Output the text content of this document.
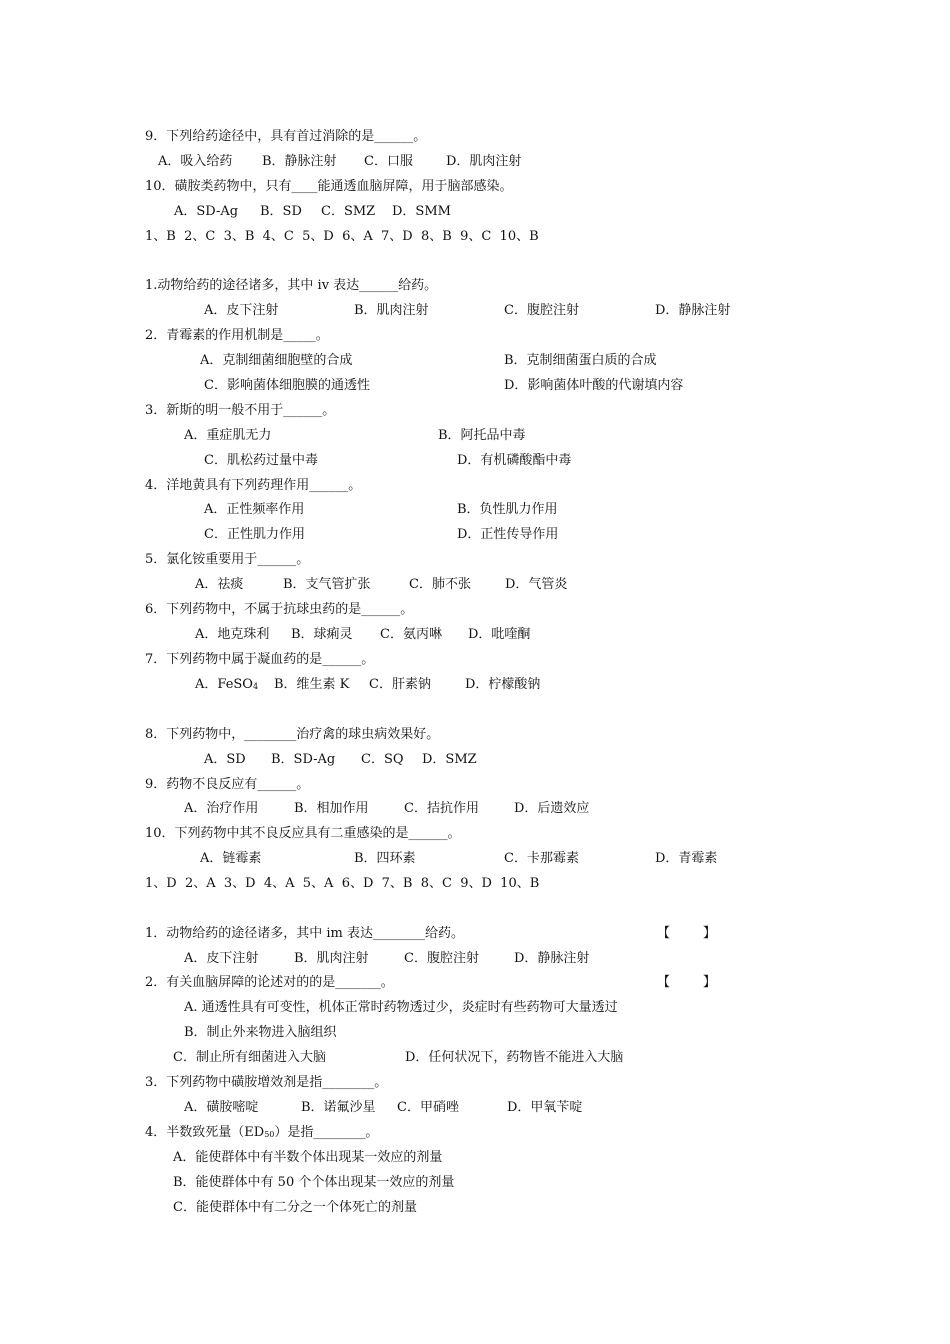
9．下列给药途径中，具有首过消除的是______。
A．吸入给药 B．静脉注射 C．口服	D．肌肉注射
10．磺胺类药物中，只有____能通透血脑屏障，用于脑部感染。
A．SD-Ag B．SD C．SMZ D．SMM
1、B  2、C  3、B  4、C  5、D  6、A  7、D  8、B  9、C  10、B
1.动物给药的途径诸多，其中 iv 表达______给药。
A．皮下注射	B．肌肉注射	C．腹腔注射	D．静脉注射
2．青霉素的作用机制是_____。
A．克制细菌细胞壁的合成	B．克制细菌蛋白质的合成
C．影响菌体细胞膜的通透性	D．影响菌体叶酸的代谢填内容
3．新斯的明一般不用于______。
A．重症肌无力	B．阿托品中毒
C．肌松药过量中毒	D．有机磷酸酯中毒
4．洋地黄具有下列药理作用______。
A．正性频率作用	B．负性肌力作用
C．正性肌力作用	D．正性传导作用
5．氯化铵重要用于______。
A．祛痰	B．支气管扩张	C．肺不张	D．气管炎
6．下列药物中，不属于抗球虫药的是______。
A．地克珠利 B．球痢灵 C．氨丙啉 D．吡喹酮
7．下列药物中属于凝血药的是______。
A．FeSO$_4$ B．维生素 K C．肝素钠	D．柠檬酸钠
8．下列药物中，________治疗禽的球虫病效果好。
A．SD B．SD-Ag C．SQ D．SMZ
9．药物不良反应有______。
A．治疗作用	B．相加作用	C．拮抗作用	D．后遗效应
10．下列药物中其不良反应具有二重感染的是______。
A．链霉素	B．四环素	C．卡那霉素	D．青霉素
1、D  2、A  3、D  4、A  5、A  6、D  7、B  8、C  9、D  10、B
1．动物给药的途径诸多，其中 im 表达________给药。	【        】
A．皮下注射	B．肌肉注射	C．腹腔注射	D．静脉注射
2．有关血脑屏障的论述对的的是_______。	【        】
A. 通透性具有可变性，机体正常时药物透过少，炎症时有些药物可大量透过
B．制止外来物进入脑组织
C．制止所有细菌进入大脑	D．任何状况下，药物皆不能进入大脑
3．下列药物中磺胺增效剂是指________。
A．磺胺嘧啶	B．诺氟沙星 C．甲硝唑	D．甲氧苄啶
4．半数致死量$(ED_{50})$是指________。
A．能使群体中有半数个体出现某一效应的剂量
B．能使群体中有 50 个个体出现某一效应的剂量
C．能使群体中有二分之一个体死亡的剂量
